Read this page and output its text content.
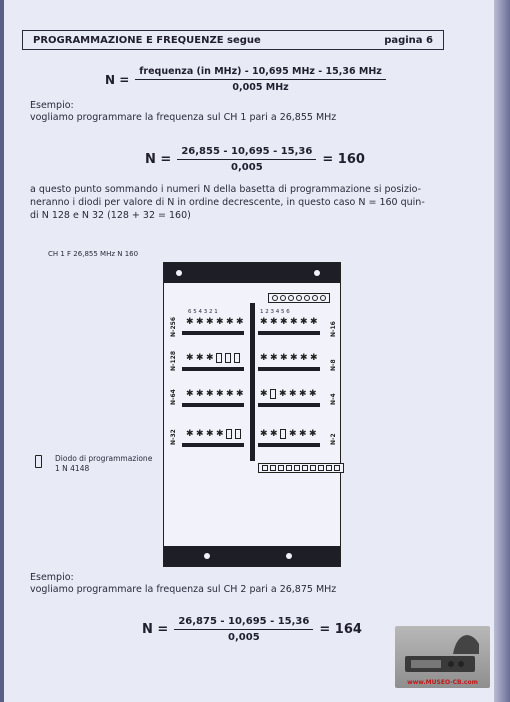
PROGRAMMAZIONE E FREQUENZE segue	pagina 6
$N = \frac{\text{frequenza (in MHz) - 10,695 MHz - 15,36 MHz}}{\text{0,005 MHz}}$
Esempio:
vogliamo programmare la frequenza sul CH 1 pari a 26,855 MHz
$N = \frac{26,855 - 10,695 - 15,36}{0,005} = 160$
a questo punto sommando i numeri N della basetta di programmazione si posizio-
neranno i diodi per valore di N in ordine decrescente, in questo caso N = 160 quin-
di N 128 e N 32 (128 + 32 = 160)
CH 1 F 26,855 MHz N 160
6 5 4 3 2 1	1 2 3 4 5 6
N-256 ✱ ✱ ✱ ✱ ✱ ✱
N-128 ✱ ✱ ✱
N-64 ✱ ✱ ✱ ✱ ✱ ✱
N-32 ✱ ✱ ✱ ✱
N-16
✱ ✱ ✱ ✱ ✱ ✱
N-8
✱ ✱ ✱ ✱ ✱ ✱
N-4
✱ ✱ ✱ ✱ ✱
N-2
✱ ✱ ✱ ✱ ✱
Diodo di programmazione
1 N 4148
Esempio:
vogliamo programmare la frequenza sul CH 2 pari a 26,875 MHz
$N = \frac{26,875 - 10,695 - 15,36}{0,005} = 164$
www.MUSEO-CB.com
